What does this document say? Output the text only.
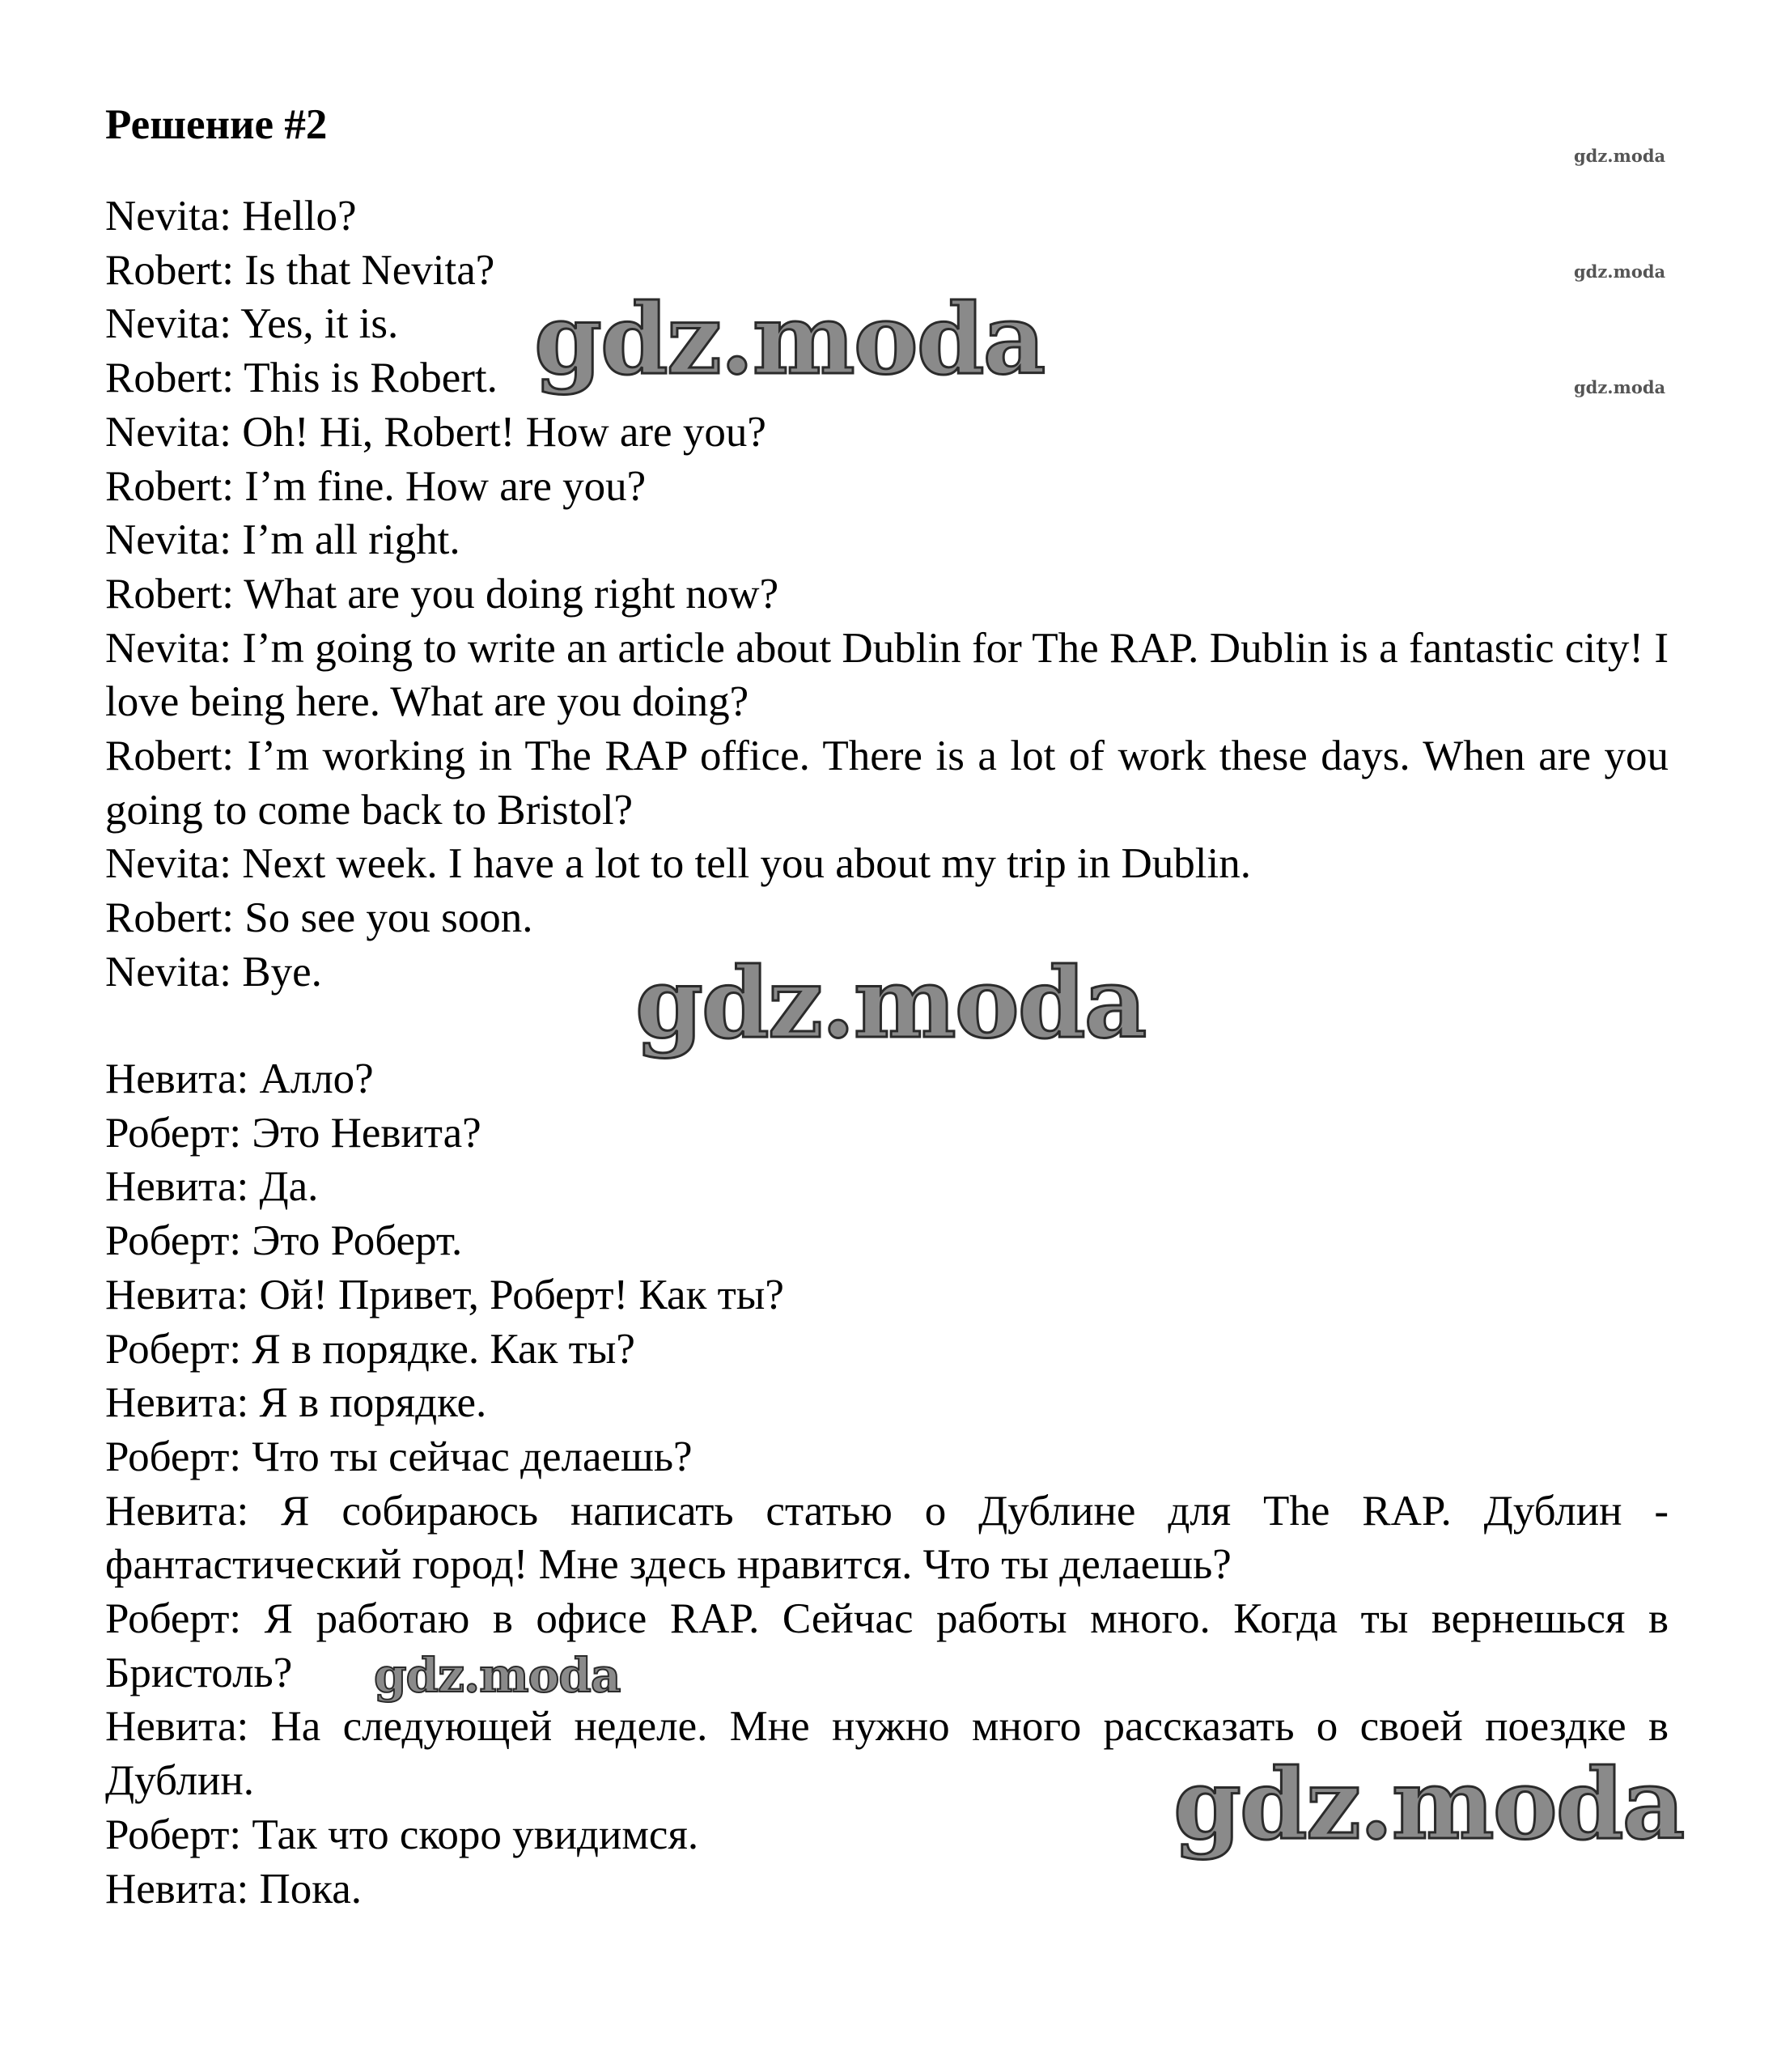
Решение #2
gdz.moda
gdz.moda
gdz.moda
Nevita: Hello?
Robert: Is that Nevita?
Nevita: Yes, it is.
Robert: This is Robert.
Nevita: Oh! Hi, Robert! How are you?
Robert: I’m fine. How are you?
Nevita: I’m all right.
Robert: What are you doing right now?
Nevita: I’m going to write an article about Dublin for The RAP. Dublin is a fantastic city! I love being here. What are you doing?
Robert: I’m working in The RAP office. There is a lot of work these days. When are you going to come back to Bristol?
Nevita: Next week. I have a lot to tell you about my trip in Dublin.
Robert: So see you soon.
Nevita: Bye.
Невита: Алло?
Роберт: Это Невита?
Невита: Да.
Роберт: Это Роберт.
Невита: Ой! Привет, Роберт! Как ты?
Роберт: Я в порядке. Как ты?
Невита: Я в порядке.
Роберт: Что ты сейчас делаешь?
Невита: Я собираюсь написать статью о Дублине для The RAP. Дублин - фантастический город! Мне здесь нравится. Что ты делаешь?
Роберт: Я работаю в офисе RAP. Сейчас работы много. Когда ты вернешься в Бристоль?
Невита: На следующей неделе. Мне нужно много рассказать о своей поездке в Дублин.
Роберт: Так что скоро увидимся.
Невита: Пока.
gdz.moda
gdz.moda
gdz.moda
gdz.moda
